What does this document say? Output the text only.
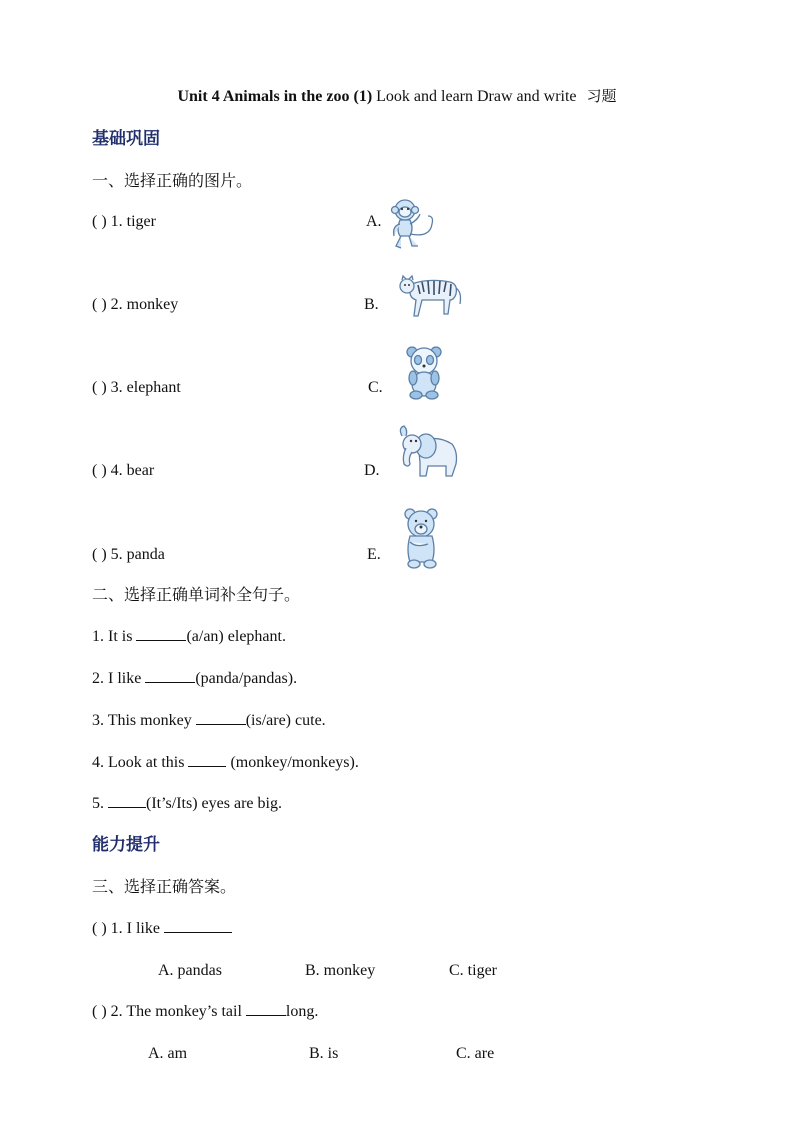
Unit 4 Animals in the zoo (1) Look and learn Draw and write 习题
基础巩固
一、选择正确的图片。
( ) 1. tiger	A.
( ) 2. monkey	B.
( ) 3. elephant	C.
( ) 4. bear	D.
( ) 5. panda	E.
二、选择正确单词补全句子。
1. It is	(a/an) elephant.
2. I like	(panda/pandas).
3. This monkey	(is/are) cute.
4. Look at this	(monkey/monkeys).
5.	(It’s/Its) eyes are big.
能力提升
三、选择正确答案。
( ) 1. I like
A. pandas	B. monkey	C. tiger
( ) 2. The monkey’s tail	long.
A. am	B. is	C. are
